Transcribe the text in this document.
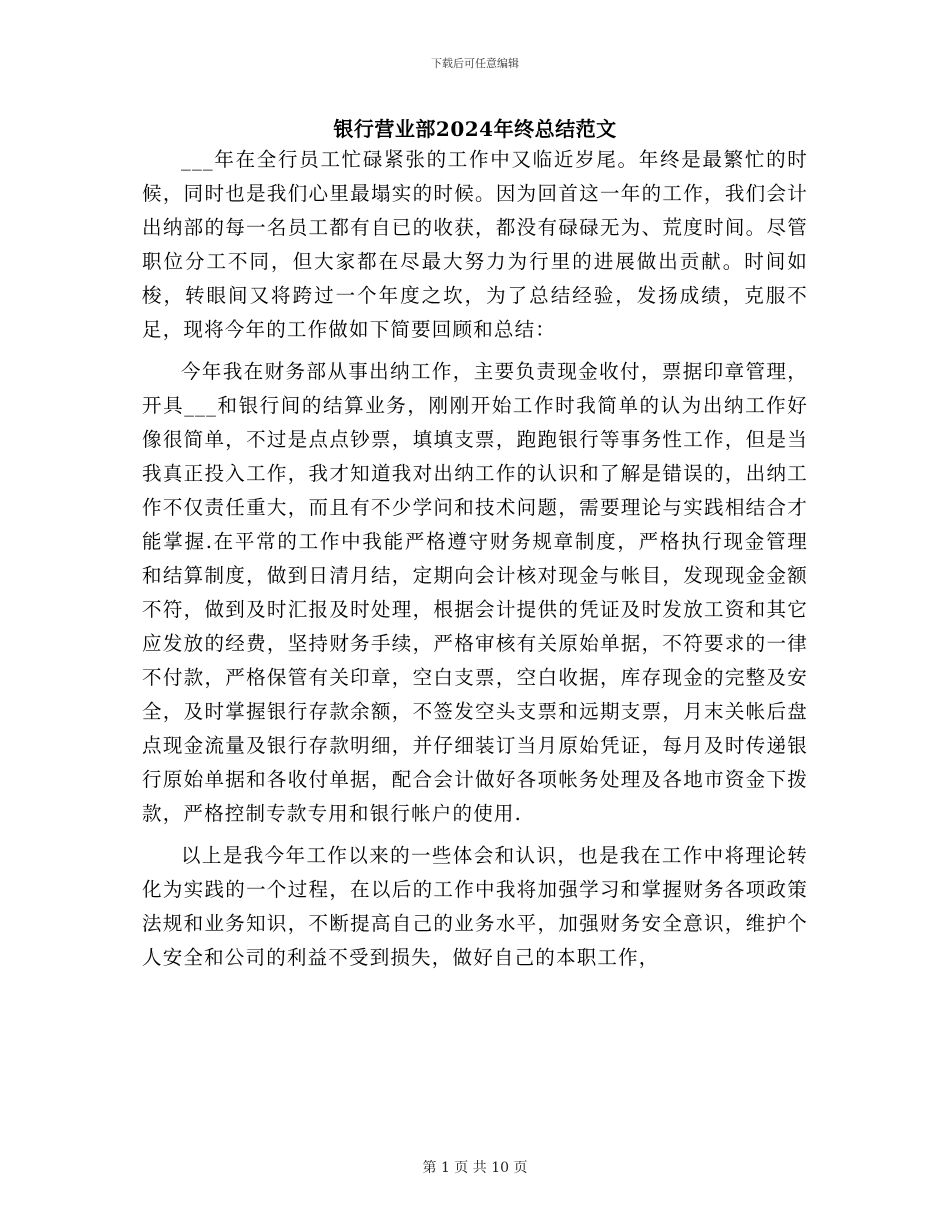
下载后可任意编辑
银行营业部2024年终总结范文

___年在全行员工忙碌紧张的工作中又临近岁尾。年终是最繁忙的时候，同时也是我们心里最塌实的时候。因为回首这一年的工作，我们会计出纳部的每一名员工都有自已的收获，都没有碌碌无为、荒度时间。尽管职位分工不同，但大家都在尽最大努力为行里的进展做出贡献。时间如梭，转眼间又将跨过一个年度之坎，为了总结经验，发扬成绩，克服不足，现将今年的工作做如下简要回顾和总结：

今年我在财务部从事出纳工作，主要负责现金收付，票据印章管理，开具___和银行间的结算业务，刚刚开始工作时我简单的认为出纳工作好像很简单，不过是点点钞票，填填支票，跑跑银行等事务性工作，但是当我真正投入工作，我才知道我对出纳工作的认识和了解是错误的，出纳工作不仅责任重大，而且有不少学问和技术问题，需要理论与实践相结合才能掌握.在平常的工作中我能严格遵守财务规章制度，严格执行现金管理和结算制度，做到日清月结，定期向会计核对现金与帐目，发现现金金额不符，做到及时汇报及时处理，根据会计提供的凭证及时发放工资和其它应发放的经费，坚持财务手续，严格审核有关原始单据，不符要求的一律不付款，严格保管有关印章，空白支票，空白收据，库存现金的完整及安全，及时掌握银行存款余额，不签发空头支票和远期支票，月末关帐后盘点现金流量及银行存款明细，并仔细装订当月原始凭证，每月及时传递银行原始单据和各收付单据，配合会计做好各项帐务处理及各地市资金下拨款，严格控制专款专用和银行帐户的使用.

以上是我今年工作以来的一些体会和认识，也是我在工作中将理论转化为实践的一个过程，在以后的工作中我将加强学习和掌握财务各项政策法规和业务知识，不断提高自己的业务水平，加强财务安全意识，维护个人安全和公司的利益不受到损失，做好自己的本职工作，

第 1 页 共 10 页
